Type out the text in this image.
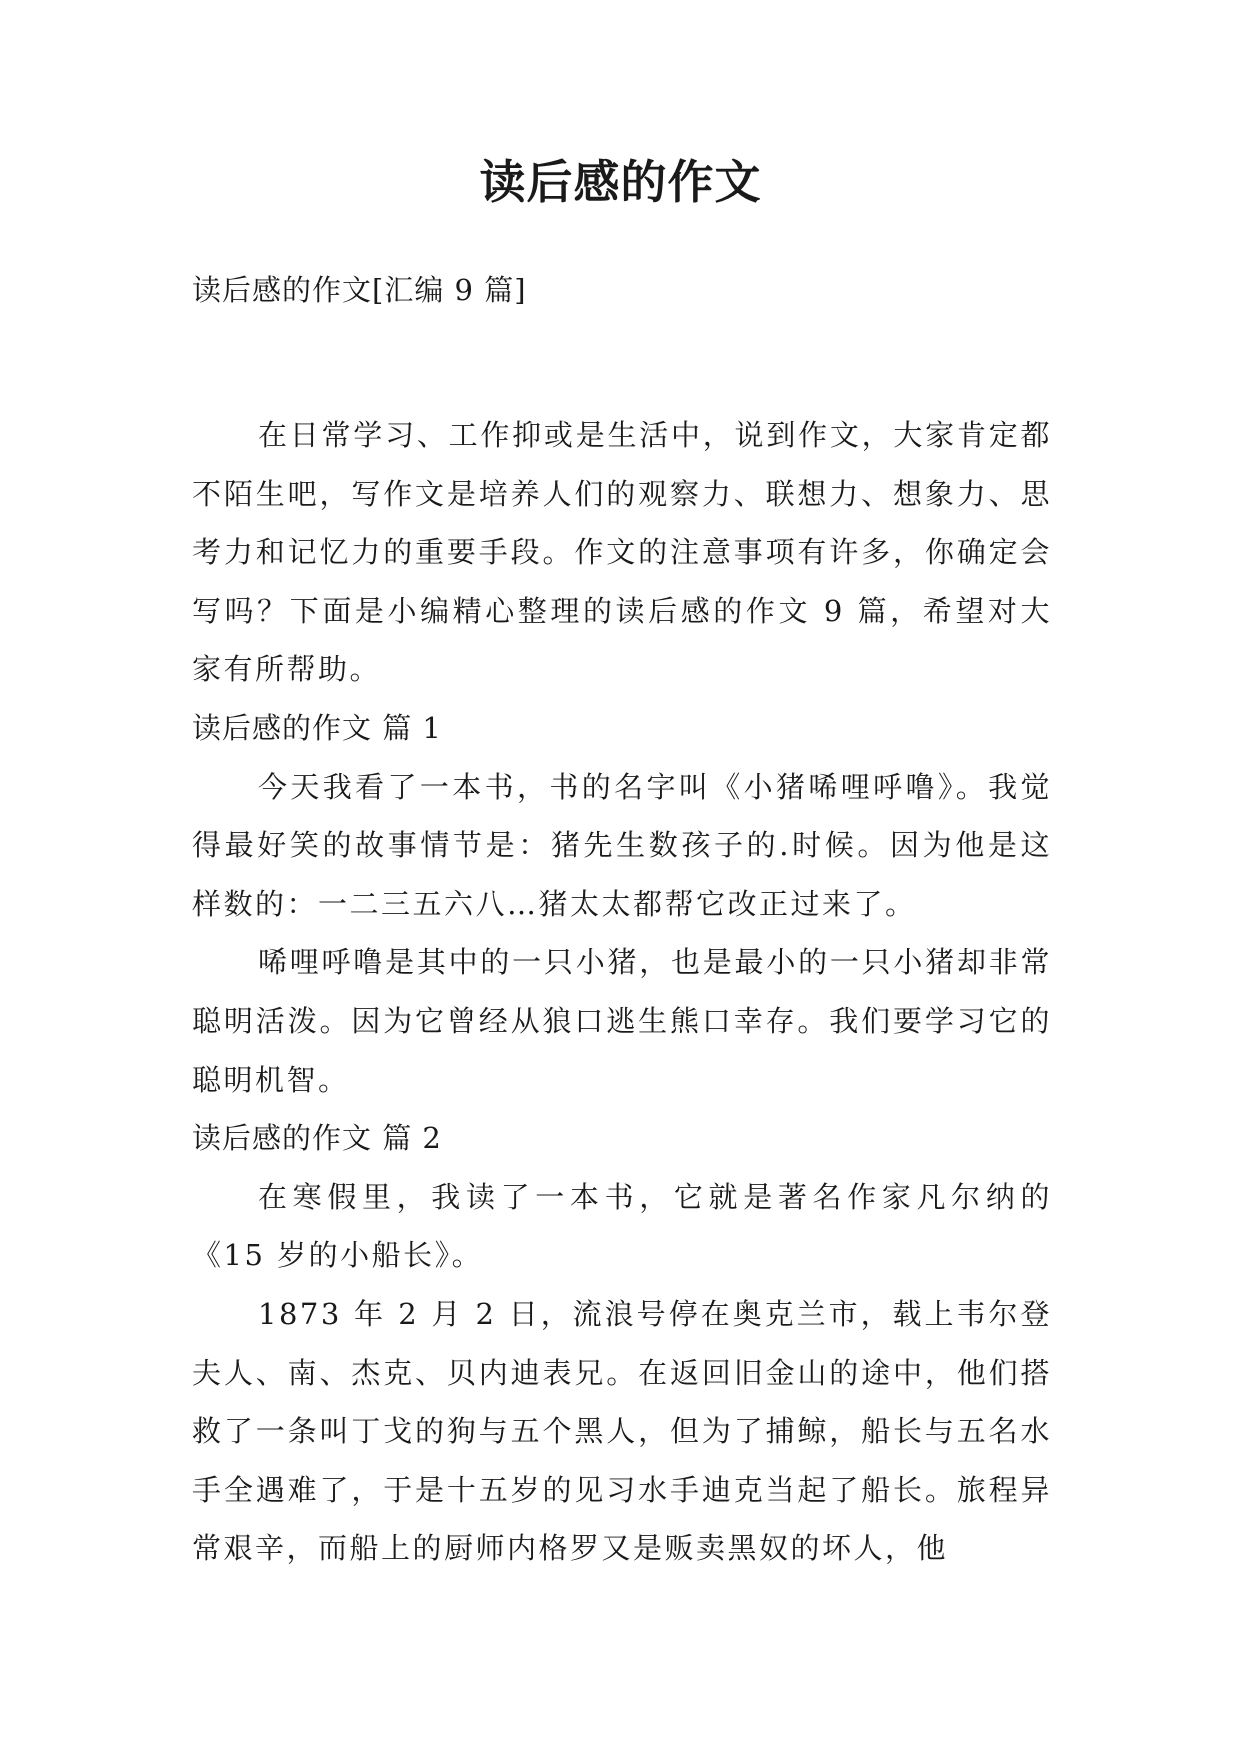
读后感的作文
读后感的作文[汇编 9 篇]

在日常学习、工作抑或是生活中，说到作文，大家肯定都不陌生吧，写作文是培养人们的观察力、联想力、想象力、思考力和记忆力的重要手段。作文的注意事项有许多，你确定会写吗？下面是小编精心整理的读后感的作文 9 篇，希望对大家有所帮助。

读后感的作文 篇 1

今天我看了一本书，书的名字叫《小猪唏哩呼噜》。我觉得最好笑的故事情节是：猪先生数孩子的.时候。因为他是这样数的：一二三五六八…猪太太都帮它改正过来了。

唏哩呼噜是其中的一只小猪，也是最小的一只小猪却非常聪明活泼。因为它曾经从狼口逃生熊口幸存。我们要学习它的聪明机智。

读后感的作文 篇 2

在寒假里，我读了一本书，它就是著名作家凡尔纳的《15 岁的小船长》。

1873 年 2 月 2 日，流浪号停在奥克兰市，载上韦尔登夫人、南、杰克、贝内迪表兄。在返回旧金山的途中，他们搭救了一条叫丁戈的狗与五个黑人，但为了捕鲸，船长与五名水手全遇难了，于是十五岁的见习水手迪克当起了船长。旅程异常艰辛，而船上的厨师内格罗又是贩卖黑奴的坏人，他
